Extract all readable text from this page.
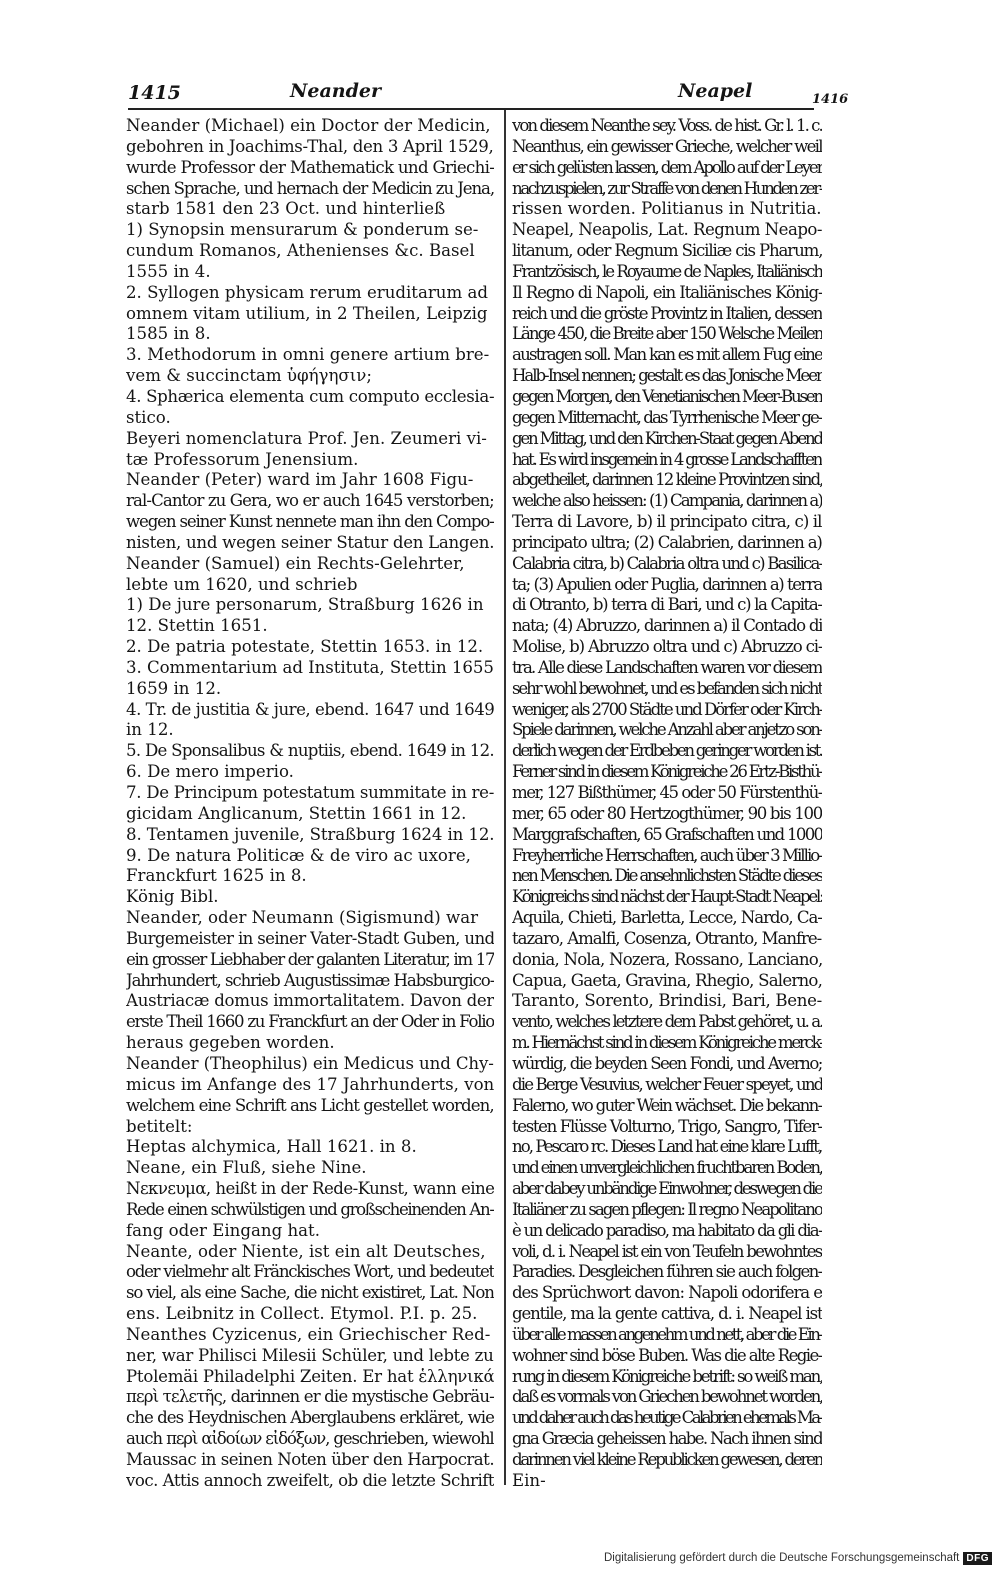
1415	Neander	Neapel	1416
Neander (Michael) ein Doctor der Medicin,
gebohren in Joachims-Thal, den 3 April 1529,
wurde Professor der Mathematick und Griechi-
schen Sprache, und hernach der Medicin zu Jena,
starb 1581 den 23 Oct. und hinterließ
1) Synopsin mensurarum & ponderum se-
cundum Romanos, Athenienses &c. Basel
1555 in 4.
2. Syllogen physicam rerum eruditarum ad
omnem vitam utilium, in 2 Theilen, Leipzig
1585 in 8.
3. Methodorum in omni genere artium bre-
vem & succinctam ὑφήγησιν;
4. Sphærica elementa cum computo ecclesia-
stico.
Beyeri nomenclatura Prof. Jen. Zeumeri vi-
tæ Professorum Jenensium.
Neander (Peter) ward im Jahr 1608 Figu-
ral-Cantor zu Gera, wo er auch 1645 verstorben;
wegen seiner Kunst nennete man ihn den Compo-
nisten, und wegen seiner Statur den Langen.
Neander (Samuel) ein Rechts-Gelehrter,
lebte um 1620, und schrieb
1) De jure personarum, Straßburg 1626 in
12. Stettin 1651.
2. De patria potestate, Stettin 1653. in 12.
3. Commentarium ad Instituta, Stettin 1655
1659 in 12.
4. Tr. de justitia & jure, ebend. 1647 und 1649
in 12.
5. De Sponsalibus & nuptiis, ebend. 1649 in 12.
6. De mero imperio.
7. De Principum potestatum summitate in re-
gicidam Anglicanum, Stettin 1661 in 12.
8. Tentamen juvenile, Straßburg 1624 in 12.
9. De natura Politicæ & de viro ac uxore,
Franckfurt 1625 in 8.
König Bibl.
Neander, oder Neumann (Sigismund) war
Burgemeister in seiner Vater-Stadt Guben, und
ein grosser Liebhaber der galanten Literatur, im 17
Jahrhundert, schrieb Augustissimæ Habsburgico-
Austriacæ domus immortalitatem. Davon der
erste Theil 1660 zu Franckfurt an der Oder in Folio
heraus gegeben worden.
Neander (Theophilus) ein Medicus und Chy-
micus im Anfange des 17 Jahrhunderts, von
welchem eine Schrift ans Licht gestellet worden,
betitelt:
Heptas alchymica, Hall 1621. in 8.
Neane, ein Fluß, siehe Nine.
Νεκνευμα, heißt in der Rede-Kunst, wann eine
Rede einen schwülstigen und großscheinenden An-
fang oder Eingang hat.
Neante, oder Niente, ist ein alt Deutsches,
oder vielmehr alt Fränckisches Wort, und bedeutet
so viel, als eine Sache, die nicht existiret, Lat. Non
ens. Leibnitz in Collect. Etymol. P.I. p. 25.
Neanthes Cyzicenus, ein Griechischer Red-
ner, war Philisci Milesii Schüler, und lebte zu
Ptolemäi Philadelphi Zeiten. Er hat ἑλληνικά
περὶ τελετῆς, darinnen er die mystische Gebräu-
che des Heydnischen Aberglaubens erkläret, wie
auch περὶ αἰδοίων εἰδόξων, geschrieben, wiewohl
Maussac in seinen Noten über den Harpocrat.
voc. Attis annoch zweifelt, ob die letzte Schrift
von diesem Neanthe sey. Voss. de hist. Gr. l. 1. c.
Neanthus, ein gewisser Grieche, welcher weil
er sich gelüsten lassen, dem Apollo auf der Leyer
nachzuspielen, zur Straffe von denen Hunden zer-
rissen worden. Politianus in Nutritia.
Neapel, Neapolis, Lat. Regnum Neapo-
litanum, oder Regnum Siciliæ cis Pharum,
Frantzösisch, le Royaume de Naples, Italiänisch
Il Regno di Napoli, ein Italiänisches König-
reich und die gröste Provintz in Italien, dessen
Länge 450, die Breite aber 150 Welsche Meilen
austragen soll. Man kan es mit allem Fug eine
Halb-Insel nennen; gestalt es das Jonische Meer
gegen Morgen, den Venetianischen Meer-Busen
gegen Mitternacht, das Tyrrhenische Meer ge-
gen Mittag, und den Kirchen-Staat gegen Abend
hat. Es wird insgemein in 4 grosse Landschafften
abgetheilet, darinnen 12 kleine Provintzen sind,
welche also heissen: (1) Campania, darinnen a)
Terra di Lavore, b) il principato citra, c) il
principato ultra; (2) Calabrien, darinnen a)
Calabria citra, b) Calabria oltra und c) Basilica-
ta; (3) Apulien oder Puglia, darinnen a) terra
di Otranto, b) terra di Bari, und c) la Capita-
nata; (4) Abruzzo, darinnen a) il Contado di
Molise, b) Abruzzo oltra und c) Abruzzo ci-
tra. Alle diese Landschaften waren vor diesem
sehr wohl bewohnet, und es befanden sich nicht
weniger, als 2700 Städte und Dörfer oder Kirch-
Spiele darinnen, welche Anzahl aber anjetzo son-
derlich wegen der Erdbeben geringer worden ist.
Ferner sind in diesem Königreiche 26 Ertz-Bisthü-
mer, 127 Bißthümer, 45 oder 50 Fürstenthü-
mer, 65 oder 80 Hertzogthümer, 90 bis 100
Marggrafschaften, 65 Grafschaften und 1000
Freyherrliche Herrschaften, auch über 3 Millio-
nen Menschen. Die ansehnlichsten Städte dieses
Königreichs sind nächst der Haupt-Stadt Neapel:
Aquila, Chieti, Barletta, Lecce, Nardo, Ca-
tazaro, Amalfi, Cosenza, Otranto, Manfre-
donia, Nola, Nozera, Rossano, Lanciano,
Capua, Gaeta, Gravina, Rhegio, Salerno,
Taranto, Sorento, Brindisi, Bari, Bene-
vento, welches letztere dem Pabst gehöret, u. a.
m. Hiernächst sind in diesem Königreiche merck-
würdig, die beyden Seen Fondi, und Averno;
die Berge Vesuvius, welcher Feuer speyet, und
Falerno, wo guter Wein wächset. Die bekann-
testen Flüsse Volturno, Trigo, Sangro, Tifer-
no, Pescaro rc. Dieses Land hat eine klare Lufft,
und einen unvergleichlichen fruchtbaren Boden,
aber dabey unbändige Einwohner, deswegen die
Italiäner zu sagen pflegen: Il regno Neapolitano
è un delicado paradiso, ma habitato da gli dia-
voli, d. i. Neapel ist ein von Teufeln bewohntes
Paradies. Desgleichen führen sie auch folgen-
des Sprüchwort davon: Napoli odorifera e
gentile, ma la gente cattiva, d. i. Neapel ist
über alle massen angenehm und nett, aber die Ein-
wohner sind böse Buben. Was die alte Regie-
rung in diesem Königreiche betrift: so weiß man,
daß es vormals von Griechen bewohnet worden,
und daher auch das heutige Calabrien ehemals Ma-
gna Græcia geheissen habe. Nach ihnen sind
darinnen viel kleine Republicken gewesen, deren
Ein-
Digitalisierung gefördert durch die Deutsche Forschungsgemeinschaft DFG
